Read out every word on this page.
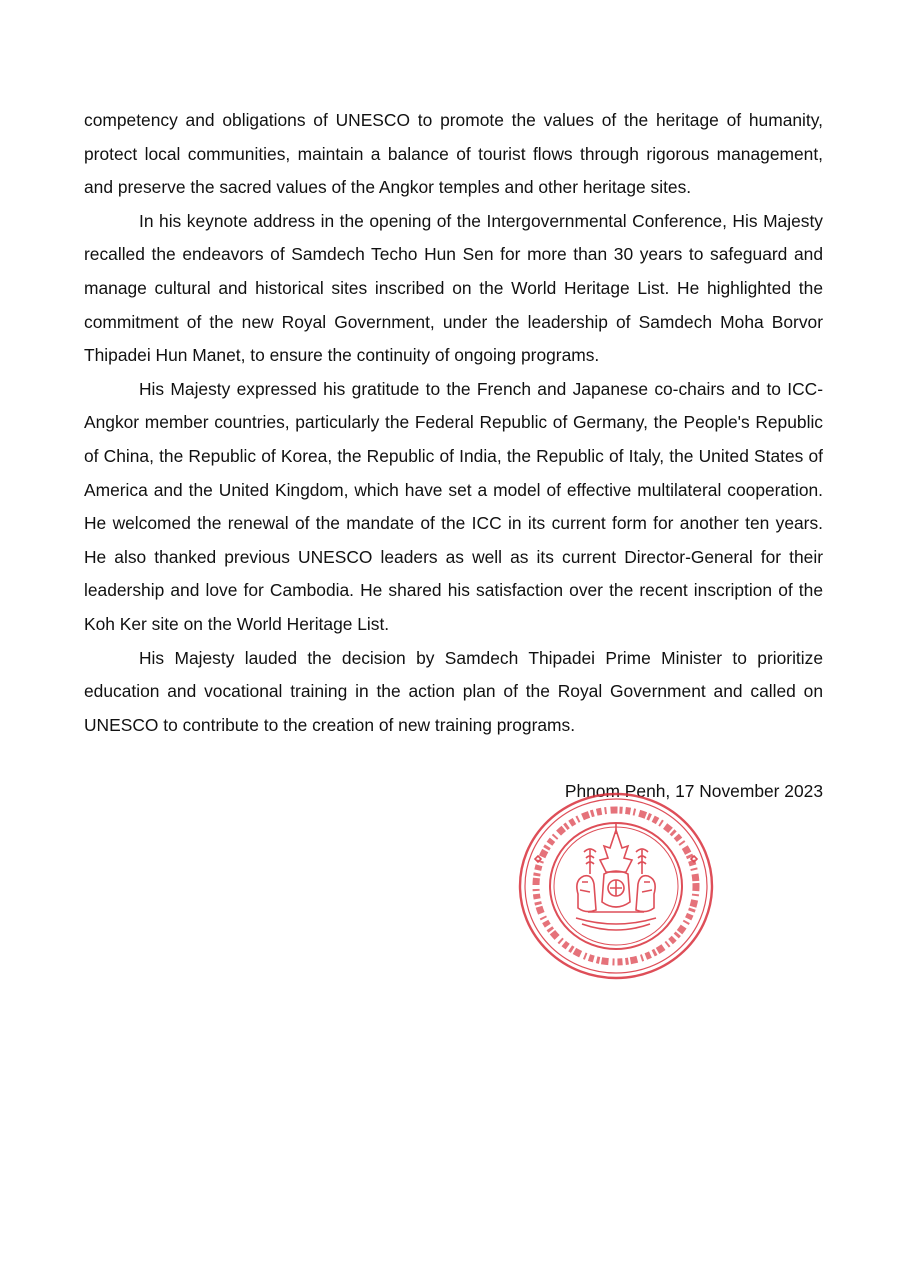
competency and obligations of UNESCO to promote the values of the heritage of humanity, protect local communities, maintain a balance of tourist flows through rigorous management, and preserve the sacred values of the Angkor temples and other heritage sites.

In his keynote address in the opening of the Intergovernmental Conference, His Majesty recalled the endeavors of Samdech Techo Hun Sen for more than 30 years to safeguard and manage cultural and historical sites inscribed on the World Heritage List. He highlighted the commitment of the new Royal Government, under the leadership of Samdech Moha Borvor Thipadei Hun Manet, to ensure the continuity of ongoing programs.

His Majesty expressed his gratitude to the French and Japanese co-chairs and to ICC-Angkor member countries, particularly the Federal Republic of Germany, the People's Republic of China, the Republic of Korea, the Republic of India, the Republic of Italy, the United States of America and the United Kingdom, which have set a model of effective multilateral cooperation. He welcomed the renewal of the mandate of the ICC in its current form for another ten years. He also thanked previous UNESCO leaders as well as its current Director-General for their leadership and love for Cambodia. He shared his satisfaction over the recent inscription of the Koh Ker site on the World Heritage List.

His Majesty lauded the decision by Samdech Thipadei Prime Minister to prioritize education and vocational training in the action plan of the Royal Government and called on UNESCO to contribute to the creation of new training programs.

Phnom Penh, 17 November 2023
